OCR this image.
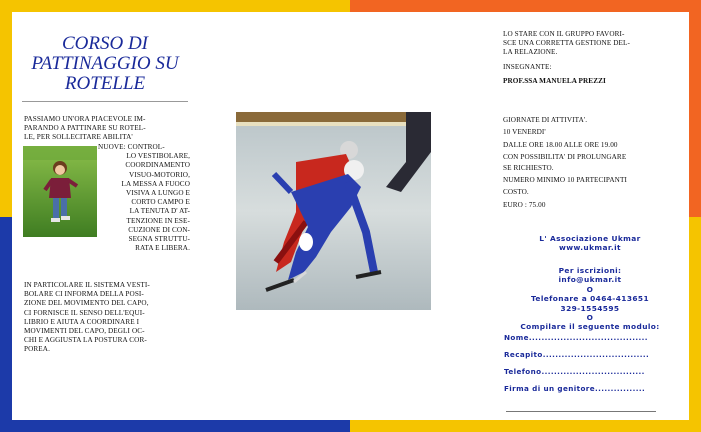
CORSO DI PATTINAGGIO SU ROTELLE
PASSIAMO UN'ORA PIACEVOLE IM-
PARANDO A PATTINARE SU ROTEL-
LE, PER SOLLECITARE ABILITA'
NUOVE: CONTROL-
LO VESTIBOLARE,
COORDINAMENTO
VISUO-MOTORIO,
LA MESSA A FUOCO
VISIVA A LUNGO E
CORTO CAMPO E
LA TENUTA D' AT-
TENZIONE IN ESE-
CUZIONE DI CON-
SEGNA STRUTTU-
RATA E LIBERA.
IN PARTICOLARE IL SISTEMA VESTI-
BOLARE CI INFORMA DELLA POSI-
ZIONE DEL MOVIMENTO DEL CAPO,
CI FORNISCE IL SENSO DELL'EQUI-
LIBRIO E AIUTA A COORDINARE I
MOVIMENTI DEL CAPO, DEGLI OC-
CHI E AGGIUSTA LA POSTURA COR-
POREA.
LO STARE CON IL GRUPPO FAVORI-
SCE UNA CORRETTA GESTIONE DEL-
LA RELAZIONE.
INSEGNANTE:
PROF.SSA MANUELA PREZZI
GIORNATE DI ATTIVITA'.
10 VENERDI'
DALLE ORE 18.00 ALLE ORE 19.00
CON POSSIBILITA' DI PROLUNGARE
SE RICHIESTO.
NUMERO MINIMO 10 PARTECIPANTI
COSTO.
EURO : 75.00
L' Associazione Ukmar
www.ukmar.it
Per iscrizioni:
info@ukmar.it
O
Telefonare a 0464-413651
329-1554595
O
Compilare il seguente modulo:
Nome......................................
Recapito..................................
Telefono.................................
Firma di un genitore................
